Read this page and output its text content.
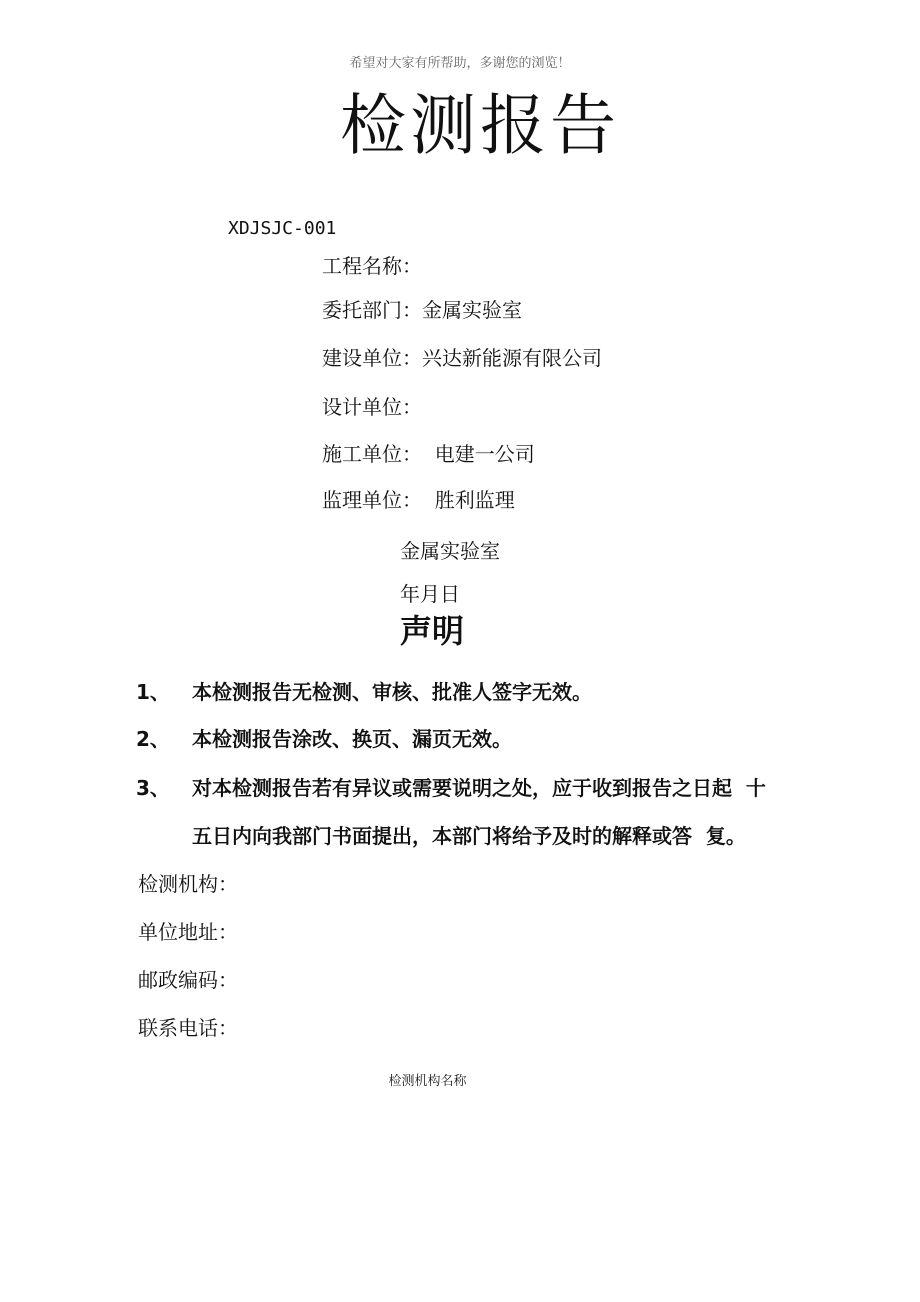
希望对大家有所帮助，多谢您的浏览！
检测报告
XDJSJC-001
工程名称：
委托部门：金属实验室
建设单位：兴达新能源有限公司
设计单位：
施工单位：  电建一公司
监理单位：  胜利监理
金属实验室
年月日
声明
1、 本检测报告无检测、审核、批准人签字无效。
2、 本检测报告涂改、换页、漏页无效。
3、 对本检测报告若有异议或需要说明之处，应于收到报告之日起  十
五日内向我部门书面提出，本部门将给予及时的解释或答  复。
检测机构：
单位地址：
邮政编码：
联系电话：
检测机构名称
